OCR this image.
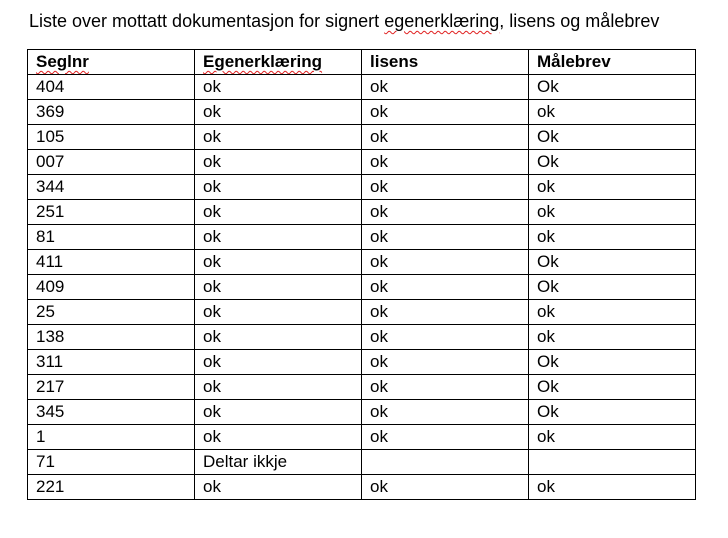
Liste over mottatt dokumentasjon for signert egenerklæring, lisens og målebrev
Seglnr	Egenerklæring	lisens	Målebrev
404	ok	ok	Ok
369	ok	ok	ok
105	ok	ok	Ok
007	ok	ok	Ok
344	ok	ok	ok
251	ok	ok	ok
81	ok	ok	ok
411	ok	ok	Ok
409	ok	ok	Ok
25	ok	ok	ok
138	ok	ok	ok
311	ok	ok	Ok
217	ok	ok	Ok
345	ok	ok	Ok
1	ok	ok	ok
71	Deltar ikkje		
221	ok	ok	ok
